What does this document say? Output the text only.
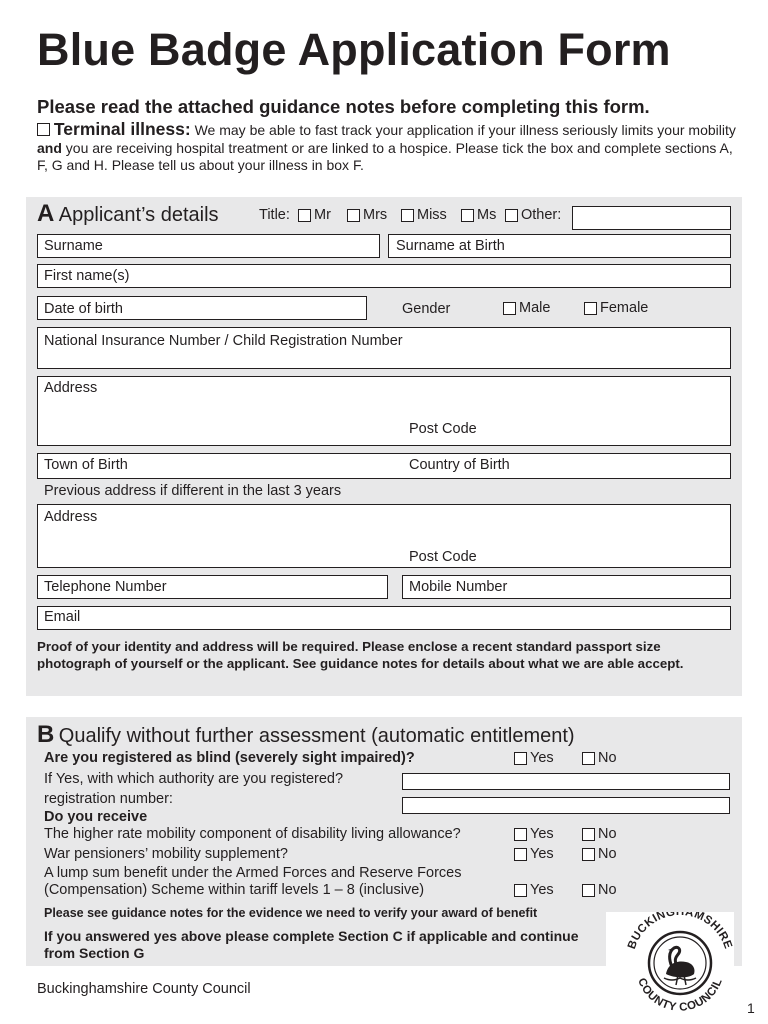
Blue Badge Application Form
Please read the attached guidance notes before completing this form.
Terminal illness: We may be able to fast track your application if your illness seriously limits your mobility and you are receiving hospital treatment or are linked to a hospice. Please tick the box and complete sections A, F, G and H. Please tell us about your illness in box F.
A Applicant’s details	Title: Mr Mrs Miss Ms Other:
Surname	Surname at Birth
First name(s)
Date of birth	Gender	Male	Female
National Insurance Number / Child Registration Number
Address
Post Code
Town of Birth	Country of Birth
Previous address if different in the last 3 years
Address
Post Code
Telephone Number	Mobile Number
Email
Proof of your identity and address will be required. Please enclose a recent standard passport size photograph of yourself or the applicant. See guidance notes for details about what we are able accept.
B Qualify without further assessment (automatic entitlement)
Are you registered as blind (severely sight impaired)?	Yes	No
If Yes, with which authority are you registered?
registration number:
Do you receive
The higher rate mobility component of disability living allowance?	Yes	No
War pensioners’ mobility supplement?	Yes	No
A lump sum benefit under the Armed Forces and Reserve Forces
(Compensation) Scheme within tariff levels 1 – 8 (inclusive)	Yes	No
Please see guidance notes for the evidence we need to verify your award of benefit
If you answered yes above please complete Section C if applicable and continue from Section G	BUCKINGHAMSHIRE
COUNTY COUNCIL
Buckinghamshire County Council
1
